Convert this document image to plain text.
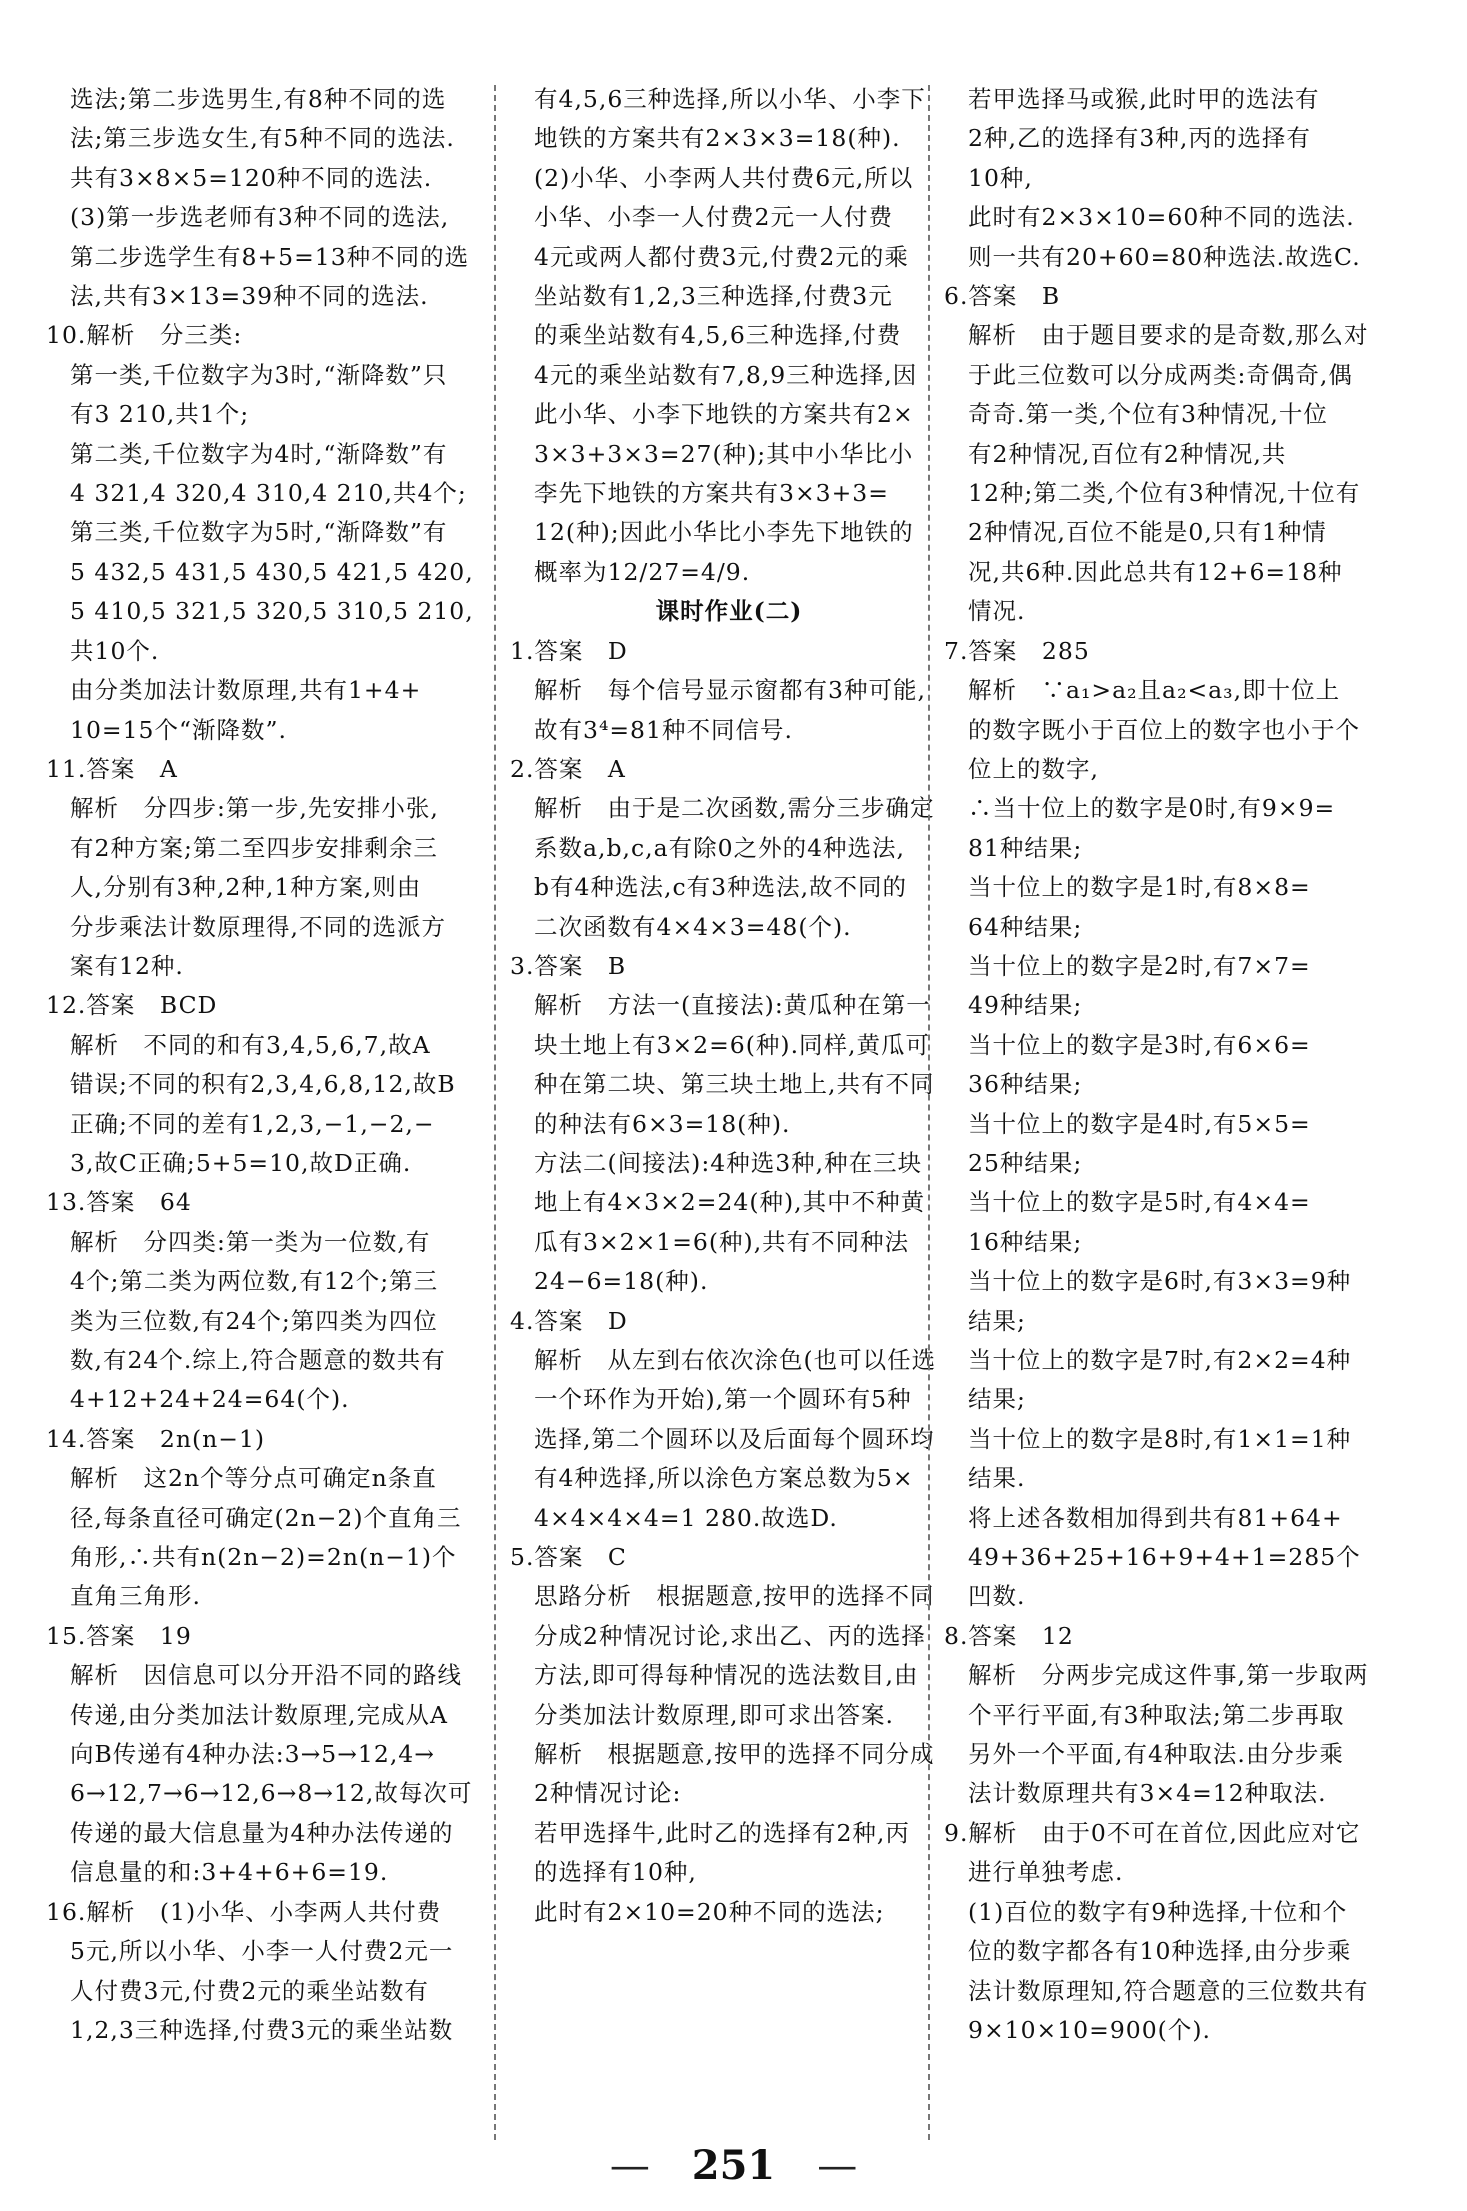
选法;第二步选男生,有8种不同的选

法;第三步选女生,有5种不同的选法.

共有3×8×5=120种不同的选法.

(3)第一步选老师有3种不同的选法,

第二步选学生有8+5=13种不同的选

法,共有3×13=39种不同的选法.

10.解析　分三类:

第一类,千位数字为3时,“渐降数”只

有3 210,共1个;

第二类,千位数字为4时,“渐降数”有

4 321,4 320,4 310,4 210,共4个;

第三类,千位数字为5时,“渐降数”有

5 432,5 431,5 430,5 421,5 420,

5 410,5 321,5 320,5 310,5 210,

共10个.

由分类加法计数原理,共有1+4+

10=15个“渐降数”.

11.答案　A

解析　分四步:第一步,先安排小张,

有2种方案;第二至四步安排剩余三

人,分别有3种,2种,1种方案,则由

分步乘法计数原理得,不同的选派方

案有12种.

12.答案　BCD

解析　不同的和有3,4,5,6,7,故A

错误;不同的积有2,3,4,6,8,12,故B

正确;不同的差有1,2,3,−1,−2,−

3,故C正确;5+5=10,故D正确.

13.答案　64

解析　分四类:第一类为一位数,有

4个;第二类为两位数,有12个;第三

类为三位数,有24个;第四类为四位

数,有24个.综上,符合题意的数共有

4+12+24+24=64(个).

14.答案　2n(n−1)

解析　这2n个等分点可确定n条直

径,每条直径可确定(2n−2)个直角三

角形,∴共有n(2n−2)=2n(n−1)个

直角三角形.

15.答案　19

解析　因信息可以分开沿不同的路线

传递,由分类加法计数原理,完成从A

向B传递有4种办法:3→5→12,4→

6→12,7→6→12,6→8→12,故每次可

传递的最大信息量为4种办法传递的

信息量的和:3+4+6+6=19.

16.解析　(1)小华、小李两人共付费

5元,所以小华、小李一人付费2元一

人付费3元,付费2元的乘坐站数有

1,2,3三种选择,付费3元的乘坐站数

有4,5,6三种选择,所以小华、小李下

地铁的方案共有2×3×3=18(种).

(2)小华、小李两人共付费6元,所以

小华、小李一人付费2元一人付费

4元或两人都付费3元,付费2元的乘

坐站数有1,2,3三种选择,付费3元

的乘坐站数有4,5,6三种选择,付费

4元的乘坐站数有7,8,9三种选择,因

此小华、小李下地铁的方案共有2×

3×3+3×3=27(种);其中小华比小

李先下地铁的方案共有3×3+3=

12(种);因此小华比小李先下地铁的

概率为12/27=4/9.

课时作业(二)

1.答案　D

解析　每个信号显示窗都有3种可能,

故有3⁴=81种不同信号.

2.答案　A

解析　由于是二次函数,需分三步确定

系数a,b,c,a有除0之外的4种选法,

b有4种选法,c有3种选法,故不同的

二次函数有4×4×3=48(个).

3.答案　B

解析　方法一(直接法):黄瓜种在第一

块土地上有3×2=6(种).同样,黄瓜可

种在第二块、第三块土地上,共有不同

的种法有6×3=18(种).

方法二(间接法):4种选3种,种在三块

地上有4×3×2=24(种),其中不种黄

瓜有3×2×1=6(种),共有不同种法

24−6=18(种).

4.答案　D

解析　从左到右依次涂色(也可以任选

一个环作为开始),第一个圆环有5种

选择,第二个圆环以及后面每个圆环均

有4种选择,所以涂色方案总数为5×

4×4×4×4=1 280.故选D.

5.答案　C

思路分析　根据题意,按甲的选择不同

分成2种情况讨论,求出乙、丙的选择

方法,即可得每种情况的选法数目,由

分类加法计数原理,即可求出答案.

解析　根据题意,按甲的选择不同分成

2种情况讨论:

若甲选择牛,此时乙的选择有2种,丙

的选择有10种,

此时有2×10=20种不同的选法;

若甲选择马或猴,此时甲的选法有

2种,乙的选择有3种,丙的选择有

10种,

此时有2×3×10=60种不同的选法.

则一共有20+60=80种选法.故选C.

6.答案　B

解析　由于题目要求的是奇数,那么对

于此三位数可以分成两类:奇偶奇,偶

奇奇.第一类,个位有3种情况,十位

有2种情况,百位有2种情况,共

12种;第二类,个位有3种情况,十位有

2种情况,百位不能是0,只有1种情

况,共6种.因此总共有12+6=18种

情况.

7.答案　285

解析　∵a₁>a₂且a₂<a₃,即十位上

的数字既小于百位上的数字也小于个

位上的数字,

∴当十位上的数字是0时,有9×9=

81种结果;

当十位上的数字是1时,有8×8=

64种结果;

当十位上的数字是2时,有7×7=

49种结果;

当十位上的数字是3时,有6×6=

36种结果;

当十位上的数字是4时,有5×5=

25种结果;

当十位上的数字是5时,有4×4=

16种结果;

当十位上的数字是6时,有3×3=9种

结果;

当十位上的数字是7时,有2×2=4种

结果;

当十位上的数字是8时,有1×1=1种

结果.

将上述各数相加得到共有81+64+

49+36+25+16+9+4+1=285个

凹数.

8.答案　12

解析　分两步完成这件事,第一步取两

个平行平面,有3种取法;第二步再取

另外一个平面,有4种取法.由分步乘

法计数原理共有3×4=12种取法.

9.解析　由于0不可在首位,因此应对它

进行单独考虑.

(1)百位的数字有9种选择,十位和个

位的数字都各有10种选择,由分步乘

法计数原理知,符合题意的三位数共有

9×10×10=900(个).

— 251 —
